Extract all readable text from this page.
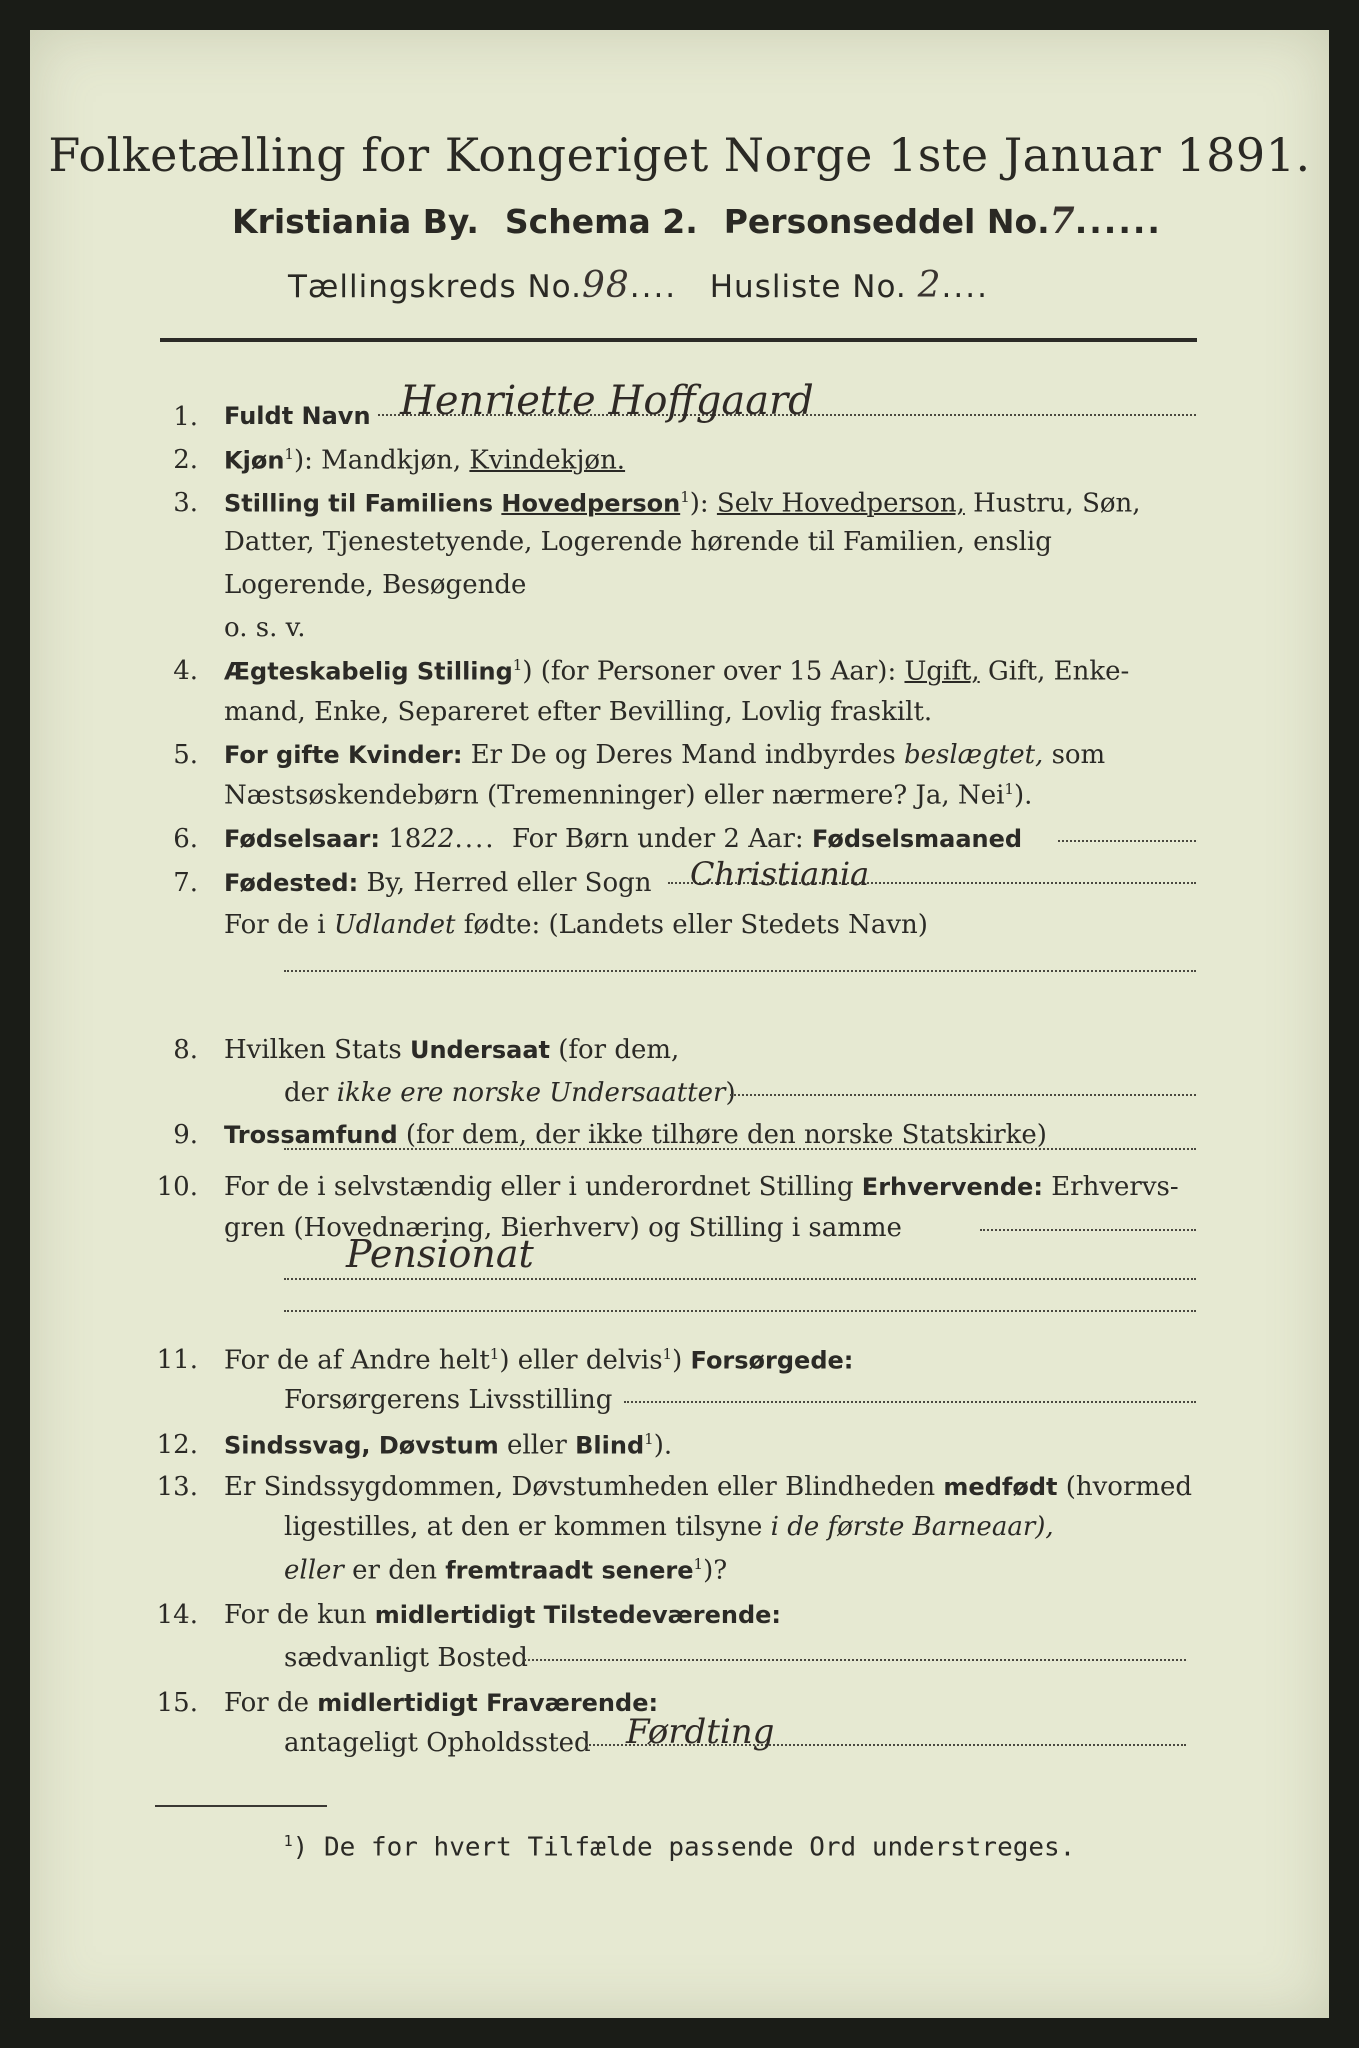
Folketælling for Kongeriget Norge 1ste Januar 1891.
Kristiania By. Schema 2. Personseddel No.7......
Tællingskreds No.98.... Husliste No. 2....
1. Fuldt Navn Henriette Hoffgaard
2. Kjøn$^1$): Mandkjøn, Kvindekjøn.
3. Stilling til Familiens Hovedperson$^1$): Selv Hovedperson, Hustru, Søn,
Datter, Tjenestetyende, Logerende hørende til Familien, enslig
Logerende, Besøgende
o. s. v.
4. Ægteskabelig Stilling$^1$) (for Personer over 15 Aar): Ugift, Gift, Enke-
mand, Enke, Separeret efter Bevilling, Lovlig fraskilt.
5. For gifte Kvinder: Er De og Deres Mand indbyrdes beslægtet, som
Næstsøskendebørn (Tremenninger) eller nærmere? Ja, Nei$^1$).
6. Fødselsaar: 1822.... For Børn under 2 Aar: Fødselsmaaned
7. Fødested: By, Herred eller Sogn Christiania
For de i Udlandet fødte: (Landets eller Stedets Navn)
8. Hvilken Stats Undersaat (for dem,
der ikke ere norske Undersaatter)
9. Trossamfund (for dem, der ikke tilhøre den norske Statskirke)
10. For de i selvstændig eller i underordnet Stilling Erhvervende: Erhvervs-
gren (Hovednæring, Bierhverv) og Stilling i samme
Pensionat
11. For de af Andre helt$^1$) eller delvis$^1$) Forsørgede:
Forsørgerens Livsstilling
12. Sindssvag, Døvstum eller Blind$^1$).
13. Er Sindssygdommen, Døvstumheden eller Blindheden medfødt (hvormed
ligestilles, at den er kommen tilsyne i de første Barneaar),
eller er den fremtraadt senere$^1$)?
14. For de kun midlertidigt Tilstedeværende:
sædvanligt Bosted
15. For de midlertidigt Fraværende:
antageligt Opholdssted Førdting
$^1$) De for hvert Tilfælde passende Ord understreges.
